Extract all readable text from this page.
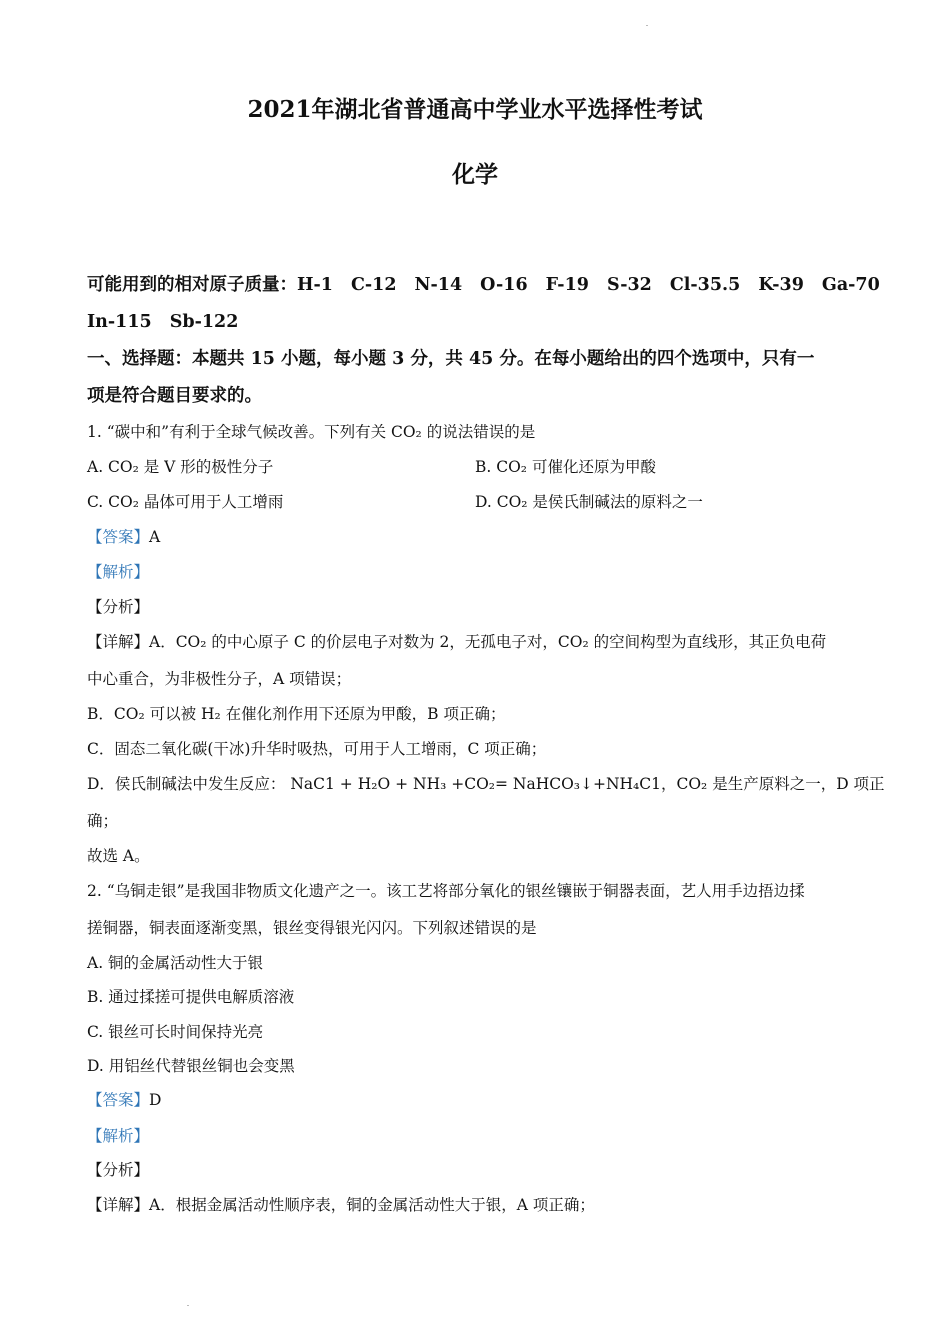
2021年湖北省普通高中学业水平选择性考试
化学
可能用到的相对原子质量：H-1 C-12 N-14 O-16 F-19 S-32 Cl-35.5 K-39 Ga-70
In-115 Sb-122
一、选择题：本题共 15 小题，每小题 3 分，共 45 分。在每小题给出的四个选项中，只有一
项是符合题目要求的。
1. “碳中和”有利于全球气候改善。下列有关 CO₂ 的说法错误的是
A. CO₂ 是 V 形的极性分子	B. CO₂ 可催化还原为甲酸
C. CO₂ 晶体可用于人工增雨	D. CO₂ 是侯氏制碱法的原料之一
【答案】A
【解析】
【分析】
【详解】A．CO₂ 的中心原子 C 的价层电子对数为 2，无孤电子对，CO₂ 的空间构型为直线形，其正负电荷
中心重合，为非极性分子，A 项错误；
B．CO₂ 可以被 H₂ 在催化剂作用下还原为甲酸，B 项正确；
C．固态二氧化碳(干冰)升华时吸热，可用于人工增雨，C 项正确；
D．侯氏制碱法中发生反应： NaC1 + H₂O + NH₃ +CO₂= NaHCO₃↓+NH₄C1，CO₂ 是生产原料之一，D 项正
确；
故选 A。
2. “乌铜走银”是我国非物质文化遗产之一。该工艺将部分氧化的银丝镶嵌于铜器表面，艺人用手边捂边揉
搓铜器，铜表面逐渐变黑，银丝变得银光闪闪。下列叙述错误的是
A. 铜的金属活动性大于银
B. 通过揉搓可提供电解质溶液
C. 银丝可长时间保持光亮
D. 用铝丝代替银丝铜也会变黑
【答案】D
【解析】
【分析】
【详解】A．根据金属活动性顺序表，铜的金属活动性大于银，A 项正确；
